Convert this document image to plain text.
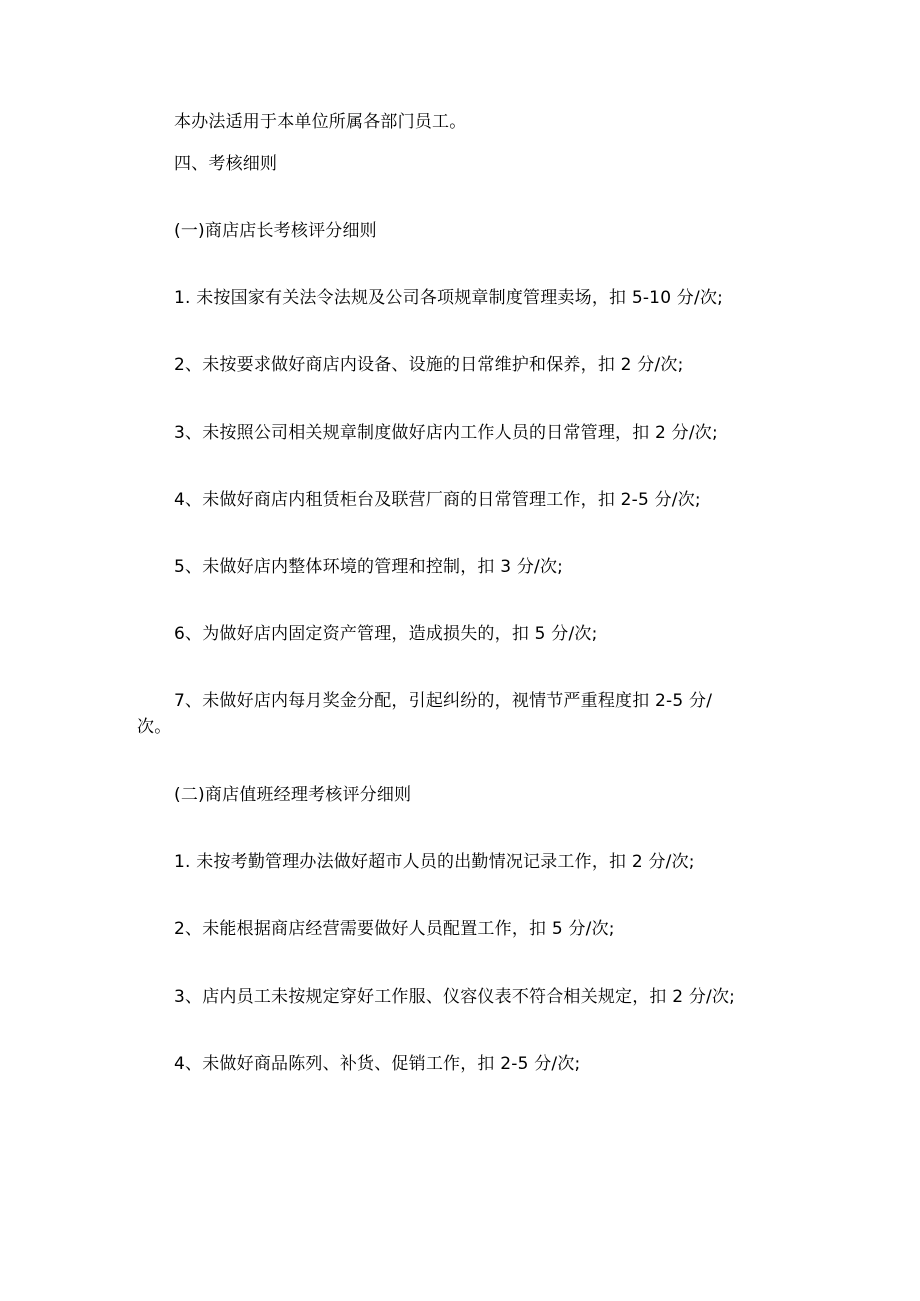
本办法适用于本单位所属各部门员工。
四、考核细则
(一)商店店长考核评分细则
1. 未按国家有关法令法规及公司各项规章制度管理卖场，扣 5-10 分/次;
2、未按要求做好商店内设备、设施的日常维护和保养，扣 2 分/次;
3、未按照公司相关规章制度做好店内工作人员的日常管理，扣 2 分/次;
4、未做好商店内租赁柜台及联营厂商的日常管理工作，扣 2-5 分/次;
5、未做好店内整体环境的管理和控制，扣 3 分/次;
6、为做好店内固定资产管理，造成损失的，扣 5 分/次;
7、未做好店内每月奖金分配，引起纠纷的，视情节严重程度扣 2-5 分/
次。
(二)商店值班经理考核评分细则
1. 未按考勤管理办法做好超市人员的出勤情况记录工作，扣 2 分/次;
2、未能根据商店经营需要做好人员配置工作，扣 5 分/次;
3、店内员工未按规定穿好工作服、仪容仪表不符合相关规定，扣 2 分/次;
4、未做好商品陈列、补货、促销工作，扣 2-5 分/次;
